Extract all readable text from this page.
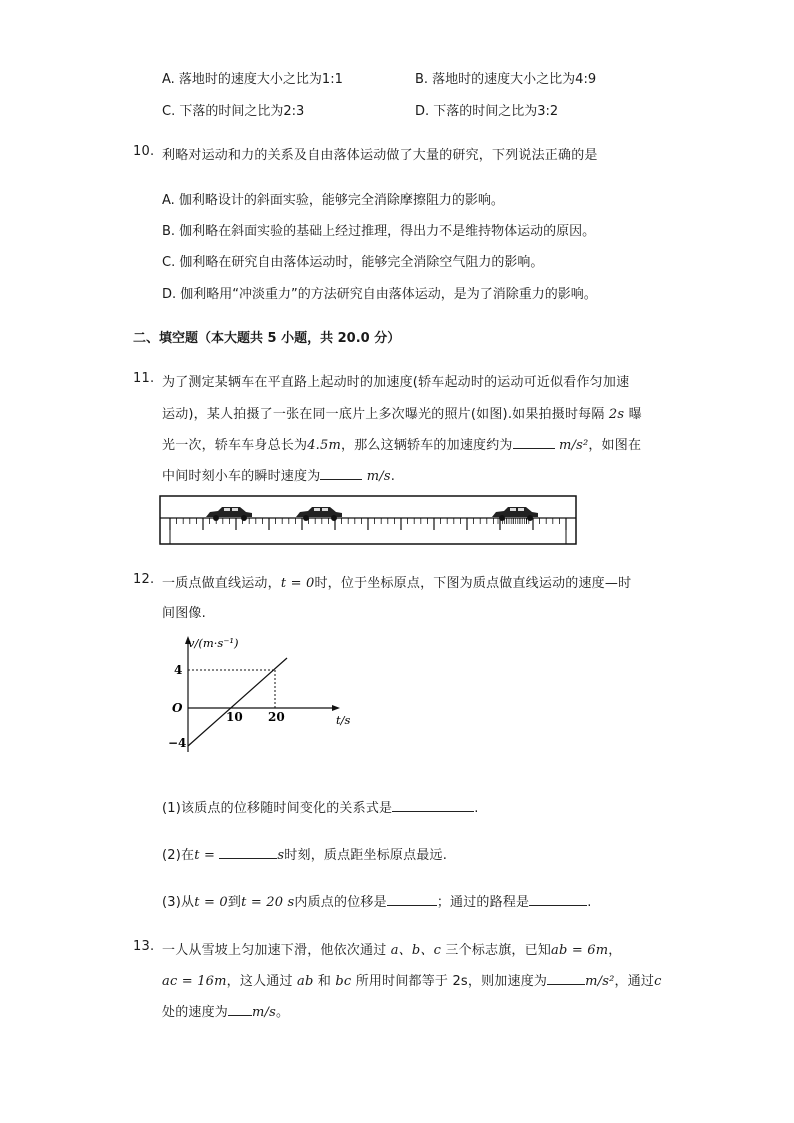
A. 落地时的速度大小之比为1:1	B. 落地时的速度大小之比为4:9
C. 下落的时间之比为2:3	D. 下落的时间之比为3:2
10. 利略对运动和力的关系及自由落体运动做了大量的研究，下列说法正确的是
A. 伽利略设计的斜面实验，能够完全消除摩擦阻力的影响。
B. 伽利略在斜面实验的基础上经过推理，得出力不是维持物体运动的原因。
C. 伽利略在研究自由落体运动时，能够完全消除空气阻力的影响。
D. 伽利略用“冲淡重力”的方法研究自由落体运动，是为了消除重力的影响。
二、填空题（本大题共 5 小题，共 20.0 分）
11. 为了测定某辆车在平直路上起动时的加速度(轿车起动时的运动可近似看作匀加速
运动)，某人拍摄了一张在同一底片上多次曝光的照片(如图).如果拍摄时每隔 2s 曝
光一次，轿车车身总长为4.5m，那么这辆轿车的加速度约为	m/s²，如图在
中间时刻小车的瞬时速度为	m/s.
12. 一质点做直线运动，t = 0时，位于坐标原点，下图为质点做直线运动的速度—时
间图像.
v/(m·s⁻¹)
t/s
4
−4
O
10 20
(1)该质点的位移随时间变化的关系式是	.
(2)在t =	s时刻，质点距坐标原点最远.
(3)从t = 0到t = 20 s内质点的位移是	；通过的路程是	.
13. 一人从雪坡上匀加速下滑，他依次通过 a、b、c 三个标志旗，已知ab = 6m，
ac = 16m，这人通过 ab 和 bc 所用时间都等于 2s，则加速度为	m/s²，通过c
处的速度为 m/s。
